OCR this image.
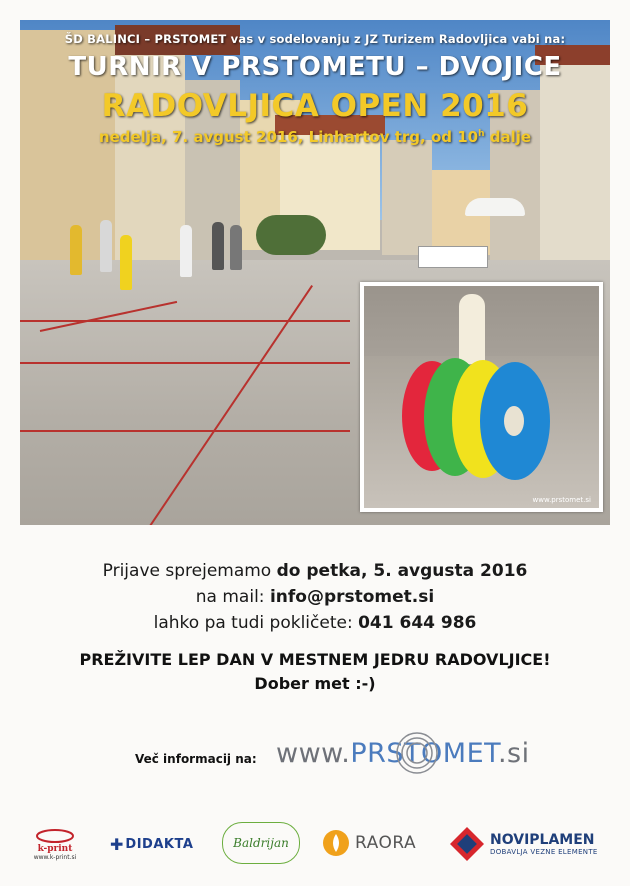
www.prstomet.si
ŠD BALINCI – PRSTOMET vas v sodelovanju z JZ Turizem Radovljica vabi na:
TURNIR V PRSTOMETU – DVOJICE
RADOVLJICA OPEN 2016
nedelja, 7. avgust 2016, Linhartov trg, od 10$^h$ dalje
Prijave sprejemamo do petka, 5. avgusta 2016
na mail: info@prstomet.si
lahko pa tudi pokličete: 041 644 986
PREŽIVITE LEP DAN V MESTNEM JEDRU RADOVLJICE!
Dober met :-)
Več informacij na: www.PRSTOMET.si
k-print
www.k-print.si
✚ DIDAKTA	Baldrijan	RAORA	NOVIPLAMEN
DOBAVLJA VEZNE ELEMENTE
